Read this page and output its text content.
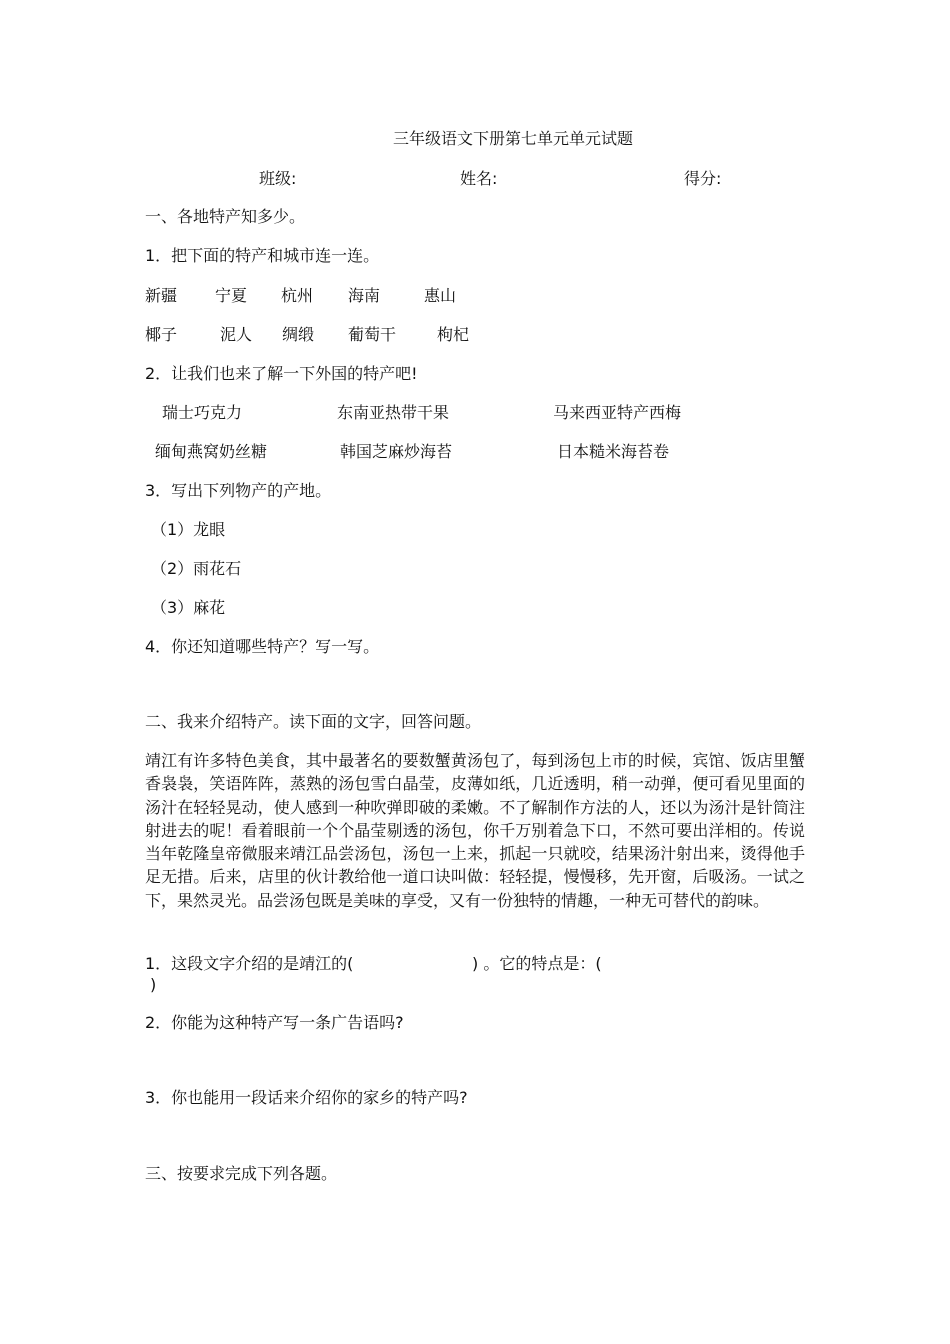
三年级语文下册第七单元单元试题
班级:	姓名:	得分:
一、各地特产知多少。
1．把下面的特产和城市连一连。
新疆 宁夏 杭州 海南	惠山
椰子	泥人 绸缎 葡萄干	枸杞
2．让我们也来了解一下外国的特产吧!
瑞士巧克力	东南亚热带干果	马来西亚特产西梅
缅甸燕窝奶丝糖	韩国芝麻炒海苔	日本糙米海苔卷
3．写出下列物产的产地。
（1）龙眼
（2）雨花石
（3）麻花
4．你还知道哪些特产？写一写。
二、我来介绍特产。读下面的文字，回答问题。
靖江有许多特色美食，其中最著名的要数蟹黄汤包了，每到汤包上市的时候，宾馆、饭店里蟹香袅袅，笑语阵阵，蒸熟的汤包雪白晶莹，皮薄如纸，几近透明，稍一动弹，便可看见里面的汤汁在轻轻晃动，使人感到一种吹弹即破的柔嫩。不了解制作方法的人，还以为汤汁是针筒注射进去的呢！看着眼前一个个晶莹剔透的汤包，你千万别着急下口，不然可要出洋相的。传说当年乾隆皇帝微服来靖江品尝汤包，汤包一上来，抓起一只就咬，结果汤汁射出来，烫得他手足无措。后来，店里的伙计教给他一道口诀叫做：轻轻提，慢慢移，先开窗，后吸汤。一试之下，果然灵光。品尝汤包既是美味的享受，又有一份独特的情趣，一种无可替代的韵味。
1．这段文字介绍的是靖江的(	) 。它的特点是：(
)
2．你能为这种特产写一条广告语吗?
3．你也能用一段话来介绍你的家乡的特产吗?
三、按要求完成下列各题。
